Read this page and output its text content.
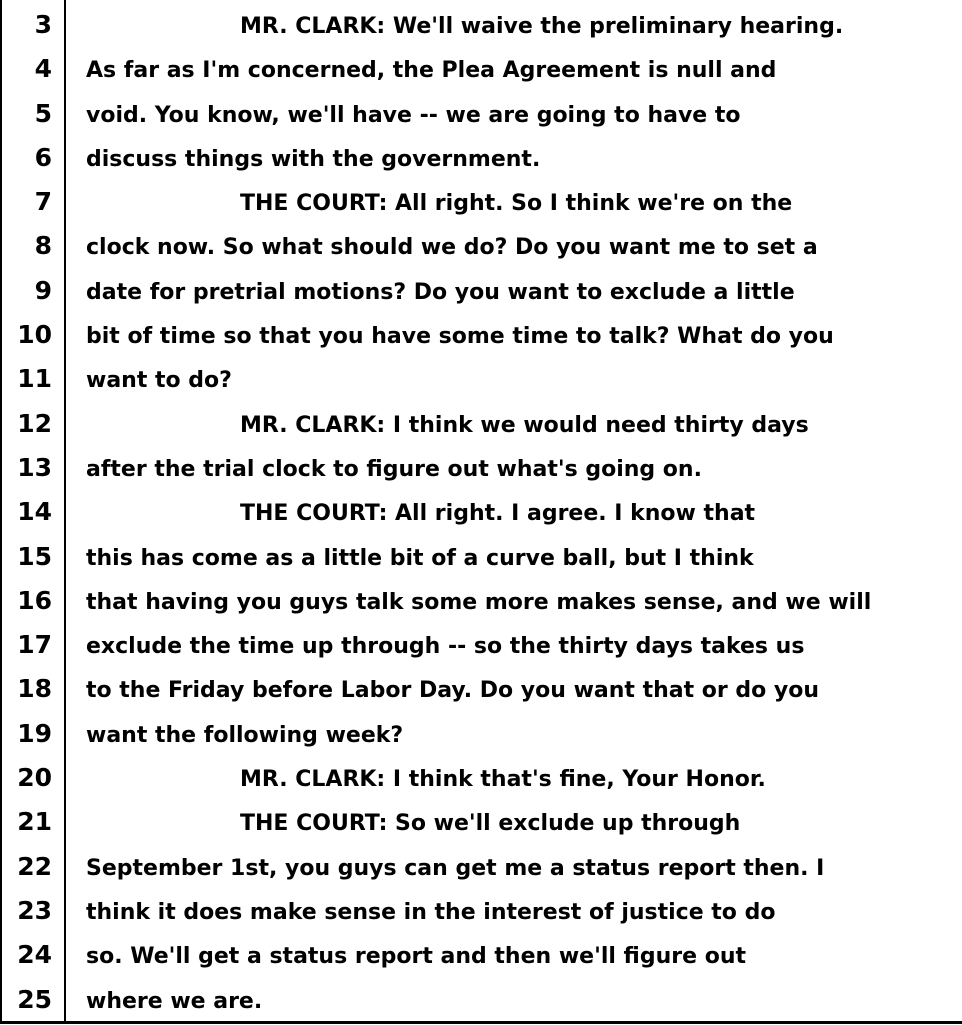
3	MR. CLARK: We'll waive the preliminary hearing.
4 As far as I'm concerned, the Plea Agreement is null and
5 void. You know, we'll have -- we are going to have to
6 discuss things with the government.
7	THE COURT: All right. So I think we're on the
8 clock now. So what should we do? Do you want me to set a
9 date for pretrial motions? Do you want to exclude a little
10 bit of time so that you have some time to talk? What do you
11 want to do?
12	MR. CLARK: I think we would need thirty days
13 after the trial clock to figure out what's going on.
14	THE COURT: All right. I agree. I know that
15 this has come as a little bit of a curve ball, but I think
16 that having you guys talk some more makes sense, and we will
17 exclude the time up through -- so the thirty days takes us
18 to the Friday before Labor Day. Do you want that or do you
19 want the following week?
20	MR. CLARK: I think that's fine, Your Honor.
21	THE COURT: So we'll exclude up through
22 September 1st, you guys can get me a status report then. I
23 think it does make sense in the interest of justice to do
24 so. We'll get a status report and then we'll figure out
25 where we are.
